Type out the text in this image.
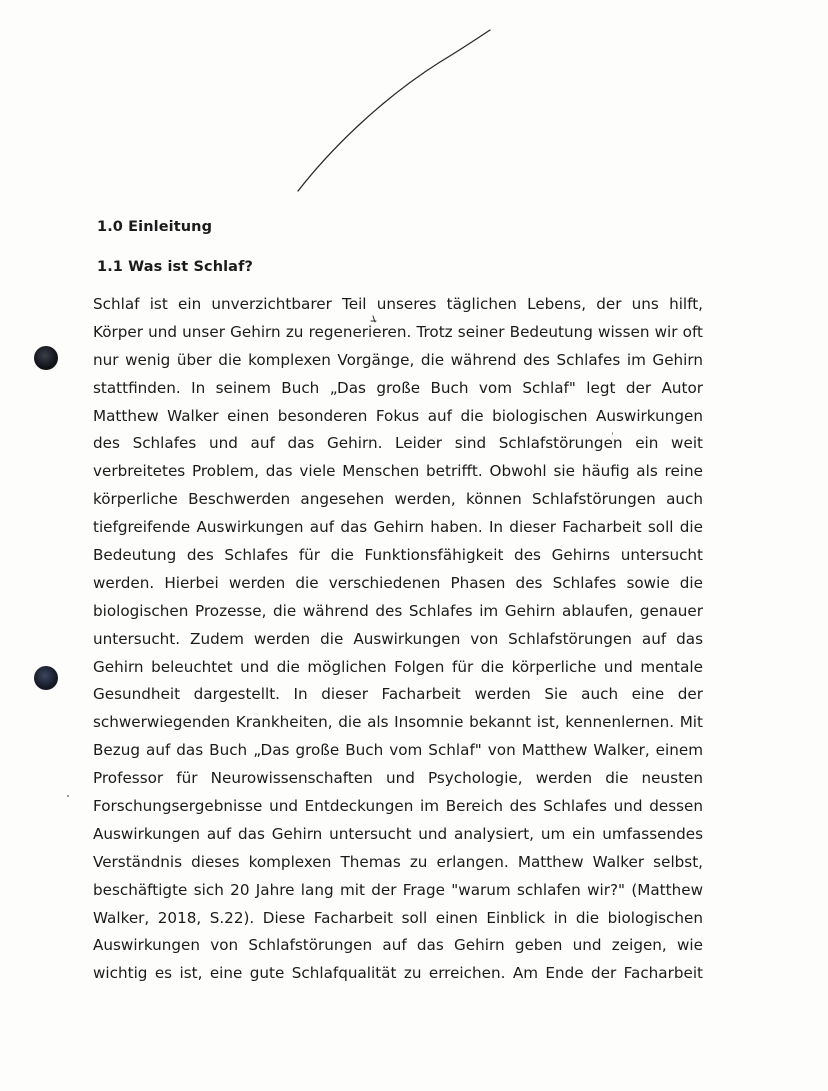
1.0 Einleitung
1.1 Was ist Schlaf?
Schlaf ist ein unverzichtbarer Teil unseres täglichen Lebens, der uns hilft,
Körper und unser Gehirn zu regenerieren. Trotz seiner Bedeutung wissen wir oft
nur wenig über die komplexen Vorgänge, die während des Schlafes im Gehirn
stattfinden. In seinem Buch „Das große Buch vom Schlaf" legt der Autor
Matthew Walker einen besonderen Fokus auf die biologischen Auswirkungen
des Schlafes und auf das Gehirn. Leider sind Schlafstörungen ein weit
verbreitetes Problem, das viele Menschen betrifft. Obwohl sie häufig als reine
körperliche Beschwerden angesehen werden, können Schlafstörungen auch
tiefgreifende Auswirkungen auf das Gehirn haben. In dieser Facharbeit soll die
Bedeutung des Schlafes für die Funktionsfähigkeit des Gehirns untersucht
werden. Hierbei werden die verschiedenen Phasen des Schlafes sowie die
biologischen Prozesse, die während des Schlafes im Gehirn ablaufen, genauer
untersucht. Zudem werden die Auswirkungen von Schlafstörungen auf das
Gehirn beleuchtet und die möglichen Folgen für die körperliche und mentale
Gesundheit dargestellt. In dieser Facharbeit werden Sie auch eine der
schwerwiegenden Krankheiten, die als Insomnie bekannt ist, kennenlernen. Mit
Bezug auf das Buch „Das große Buch vom Schlaf" von Matthew Walker, einem
Professor für Neurowissenschaften und Psychologie, werden die neusten
Forschungsergebnisse und Entdeckungen im Bereich des Schlafes und dessen
Auswirkungen auf das Gehirn untersucht und analysiert, um ein umfassendes
Verständnis dieses komplexen Themas zu erlangen. Matthew Walker selbst,
beschäftigte sich 20 Jahre lang mit der Frage "warum schlafen wir?" (Matthew
Walker, 2018, S.22). Diese Facharbeit soll einen Einblick in die biologischen
Auswirkungen von Schlafstörungen auf das Gehirn geben und zeigen, wie
wichtig es ist, eine gute Schlafqualität zu erreichen. Am Ende der Facharbeit
